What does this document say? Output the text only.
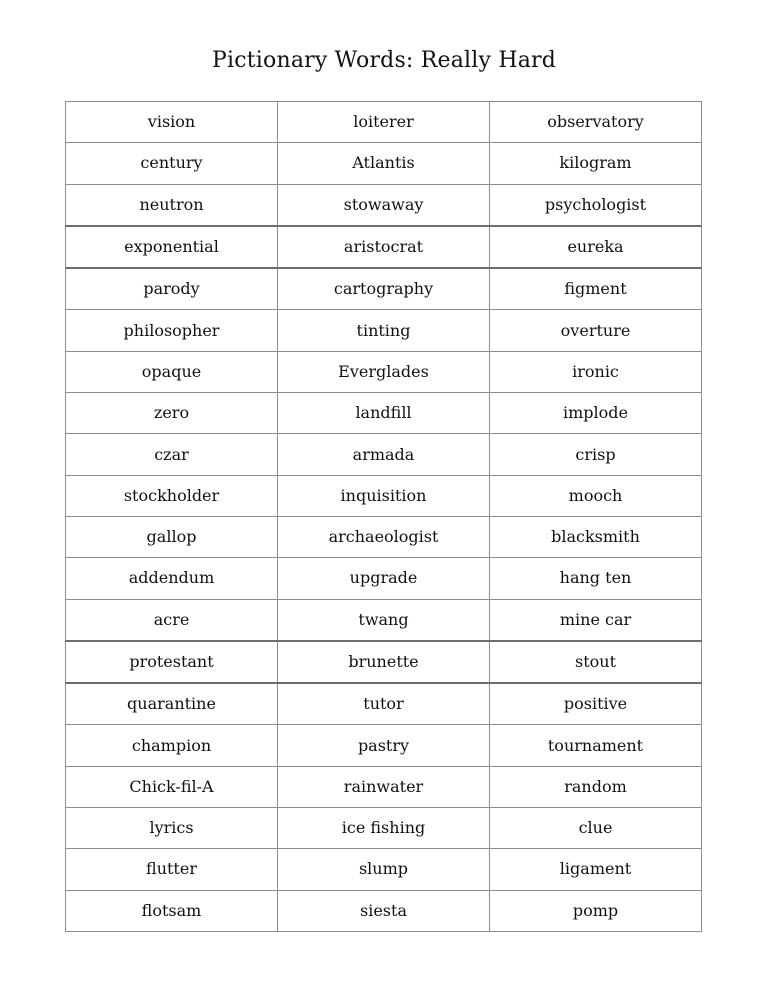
Pictionary Words: Really Hard
vision	loiterer	observatory
century	Atlantis	kilogram
neutron	stowaway	psychologist
exponential	aristocrat	eureka
parody	cartography	figment
philosopher	tinting	overture
opaque	Everglades	ironic
zero	landfill	implode
czar	armada	crisp
stockholder	inquisition	mooch
gallop	archaeologist	blacksmith
addendum	upgrade	hang ten
acre	twang	mine car
protestant	brunette	stout
quarantine	tutor	positive
champion	pastry	tournament
Chick-fil-A	rainwater	random
lyrics	ice fishing	clue
flutter	slump	ligament
flotsam	siesta	pomp
